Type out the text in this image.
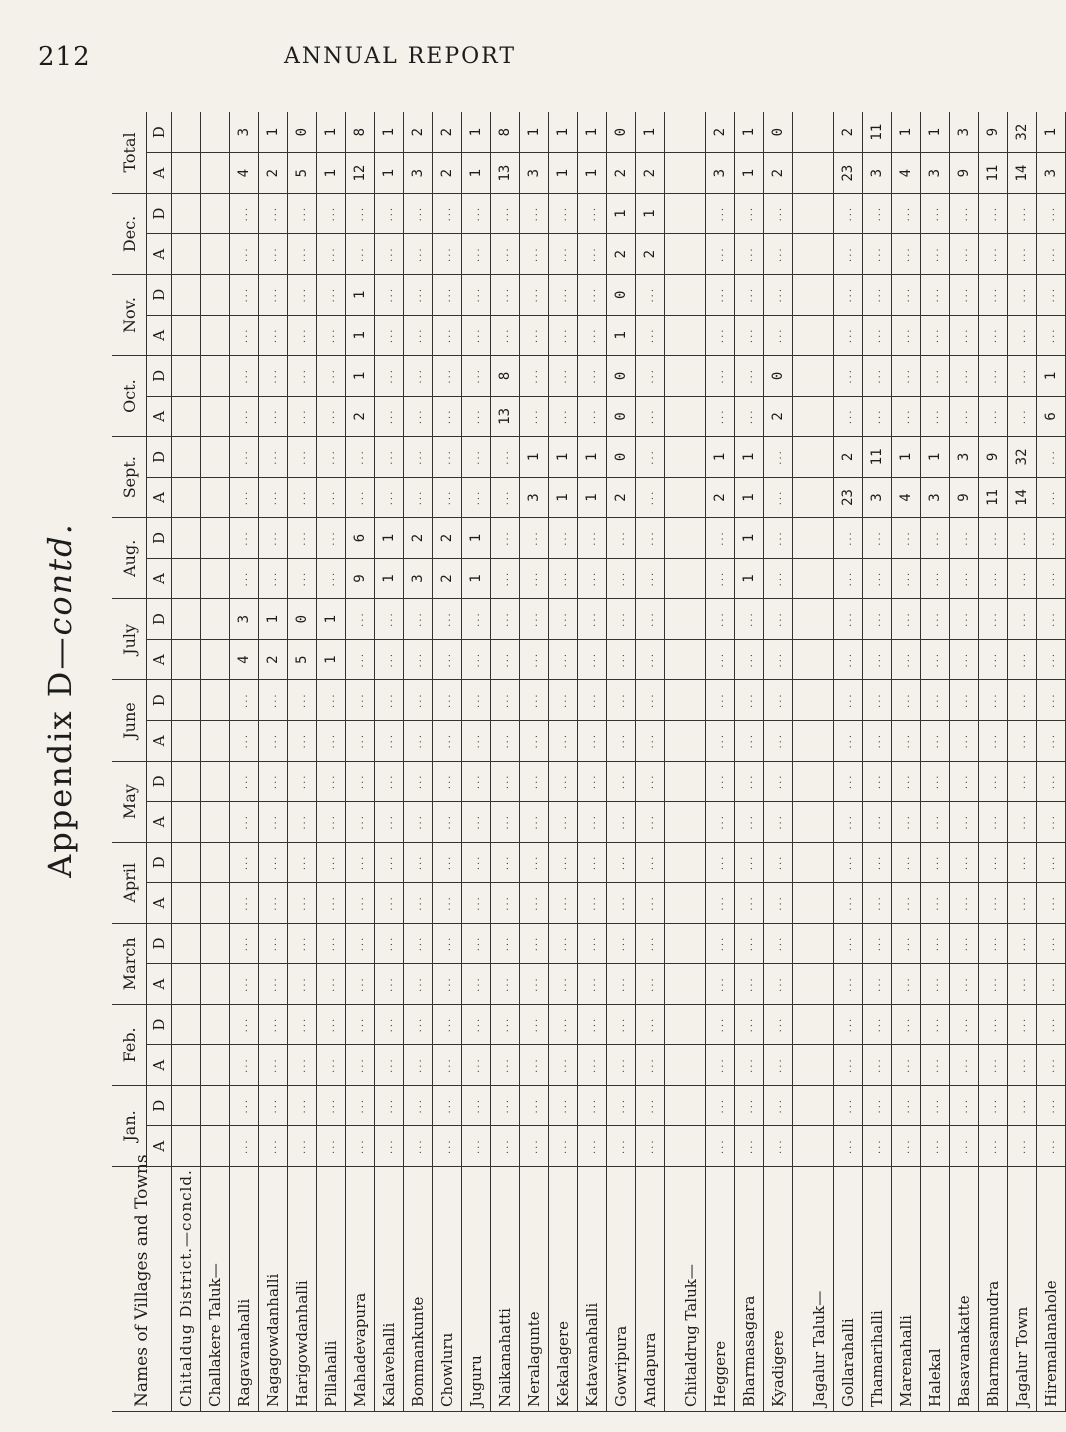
212	ANNUAL REPORT
Appendix D—contd.
Names of Villages and Towns	Jan.		Feb.		March		April		May		June		July		Aug.		Sept.		Oct.		Nov.		Dec.		Total	
	A	D	A	D	A	D	A	D	A	D	A	D	A	D	A	D	A	D	A	D	A	D	A	D	A	D
Chitaldug District.—concld.																										
Challakere Taluk—																										
Ragavanahalli	...	...	...	...	...	...	...	...	...	...	...	...	4	3	...	...	...	...	...	...	...	...	...	...	4	3
Nagagowdanhalli	...	...	...	...	...	...	...	...	...	...	...	...	2	1	...	...	...	...	...	...	...	...	...	...	2	1
Harigowdanhalli	...	...	...	...	...	...	...	...	...	...	...	...	5	0	...	...	...	...	...	...	...	...	...	...	5	0
Pillahalli	...	...	...	...	...	...	...	...	...	...	...	...	1	1	...	...	...	...	...	...	...	...	...	...	1	1
Mahadevapura	...	...	...	...	...	...	...	...	...	...	...	...	...	...	9	6	...	...	2	1	1	1	...	...	12	8
Kalavehalli	...	...	...	...	...	...	...	...	...	...	...	...	...	...	1	1	...	...	...	...	...	...	...	...	1	1
Bommankunte	...	...	...	...	...	...	...	...	...	...	...	...	...	...	3	2	...	...	...	...	...	...	...	...	3	2
Chowluru	...	...	...	...	...	...	...	...	...	...	...	...	...	...	2	2	...	...	...	...	...	...	...	...	2	2
Juguru	...	...	...	...	...	...	...	...	...	...	...	...	...	...	1	1	...	...	...	...	...	...	...	...	1	1
Naikanahatti	...	...	...	...	...	...	...	...	...	...	...	...	...	...	...	...	...	...	13	8	...	...	...	...	13	8
Neralagunte	...	...	...	...	...	...	...	...	...	...	...	...	...	...	...	...	3	1	...	...	...	...	...	...	3	1
Kekalagere	...	...	...	...	...	...	...	...	...	...	...	...	...	...	...	...	1	1	...	...	...	...	...	...	1	1
Katavanahalli	...	...	...	...	...	...	...	...	...	...	...	...	...	...	...	...	1	1	...	...	...	...	...	...	1	1
Gowripura	...	...	...	...	...	...	...	...	...	...	...	...	...	...	...	...	2	0	0	0	1	0	2	1	2	0
Andapura	...	...	...	...	...	...	...	...	...	...	...	...	...	...	...	...	...	...	...	...	...	...	2	1	2	1

Chitaldrug Taluk—																										
Heggere	...	...	...	...	...	...	...	...	...	...	...	...	...	...	...	...	2	1	...	...	...	...	...	...	3	2
Bharmasagara	...	...	...	...	...	...	...	...	...	...	...	...	...	...	1	1	1	1	...	...	...	...	...	...	1	1
Kyadigere	...	...	...	...	...	...	...	...	...	...	...	...	...	...	...	...	...	...	2	0	...	...	...	...	2	0

Jagalur Taluk—																										
Gollarahalli	...	...	...	...	...	...	...	...	...	...	...	...	...	...	...	...	23	2	...	...	...	...	...	...	23	2
Thamarihalli	...	...	...	...	...	...	...	...	...	...	...	...	...	...	...	...	3	11	...	...	...	...	...	...	3	11
Marenahalli	...	...	...	...	...	...	...	...	...	...	...	...	...	...	...	...	4	1	...	...	...	...	...	...	4	1
Halekal	...	...	...	...	...	...	...	...	...	...	...	...	...	...	...	...	3	1	...	...	...	...	...	...	3	1
Basavanakatte	...	...	...	...	...	...	...	...	...	...	...	...	...	...	...	...	9	3	...	...	...	...	...	...	9	3
Bharmasamudra	...	...	...	...	...	...	...	...	...	...	...	...	...	...	...	...	11	9	...	...	...	...	...	...	11	9
Jagalur Town	...	...	...	...	...	...	...	...	...	...	...	...	...	...	...	...	14	32	...	...	...	...	...	...	14	32
Hiremallanahole	...	...	...	...	...	...	...	...	...	...	...	...	...	...	...	...	...	...	6	1	...	...	...	...	3	1
